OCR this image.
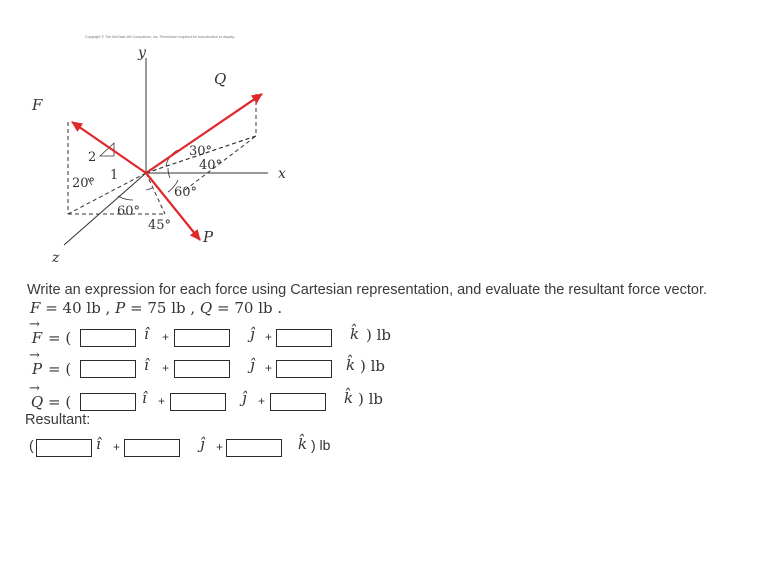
Copyright © The McGraw-Hill Companies, Inc. Permission required for reproduction or display.
y
x
z
F
Q
P
30°
40°
60°
60°
45°
20°
2
1
Write an expression for each force using Cartesian representation, and evaluate the resultant force vector.
F = 40 lb , P = 75 lb , Q = 70 lb .
→
F = (	î +	ĵ +	k̂ ) lb
→
P = (	î +	ĵ +	k̂ ) lb
→
Q = (	î +	ĵ +	k̂ ) lb
Resultant:
(	î +	ĵ +	k̂ ) lb
